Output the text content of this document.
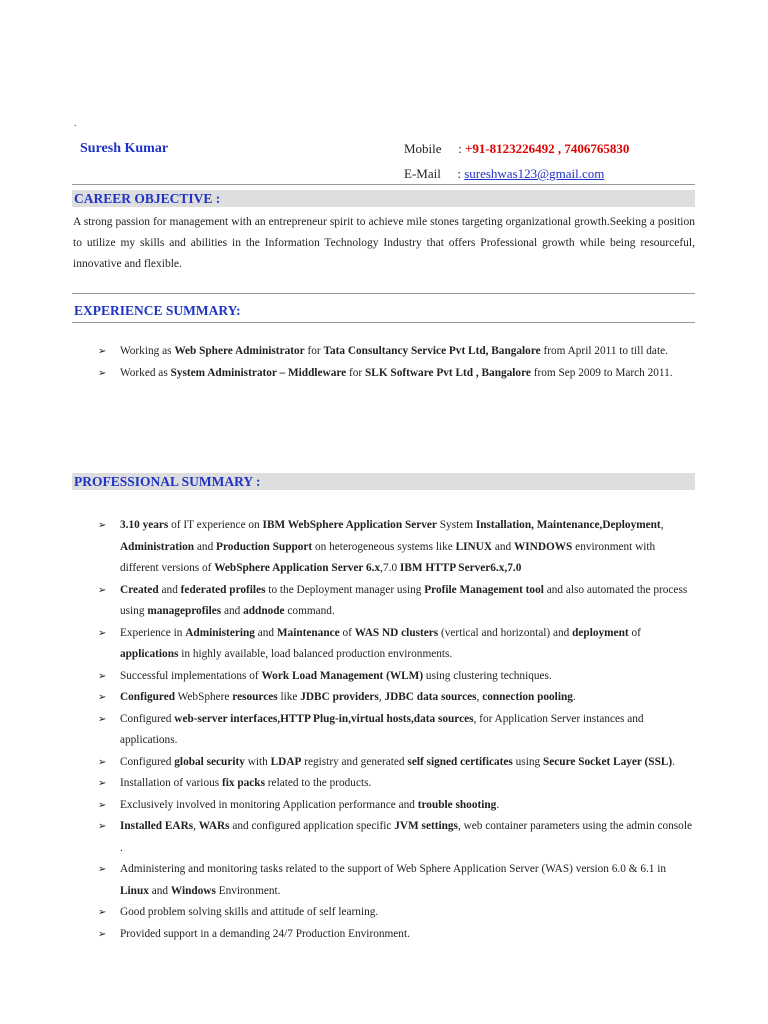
.
Suresh Kumar	Mobile : +91-8123226492 , 7406765830
E-Mail : sureshwas123@gmail.com
CAREER OBJECTIVE :
A strong passion for management with an entrepreneur spirit to achieve mile stones targeting organizational growth.Seeking a position to utilize my skills and abilities in the Information Technology Industry that offers Professional growth while being resourceful, innovative and flexible.
EXPERIENCE SUMMARY:
➢ Working as Web Sphere Administrator for Tata Consultancy Service Pvt Ltd, Bangalore from April 2011 to till date.
➢ Worked as System Administrator – Middleware for SLK Software Pvt Ltd , Bangalore from Sep 2009 to March 2011.
PROFESSIONAL SUMMARY :
➢ 3.10 years of IT experience on IBM WebSphere Application Server System Installation, Maintenance,Deployment, Administration and Production Support on heterogeneous systems like LINUX and WINDOWS environment with different versions of WebSphere Application Server 6.x,7.0 IBM HTTP Server6.x,7.0
➢ Created and federated profiles to the Deployment manager using Profile Management tool and also automated the process using manageprofiles and addnode command.
➢ Experience in Administering and Maintenance of WAS ND clusters (vertical and horizontal) and deployment of applications in highly available, load balanced production environments.
➢ Successful implementations of Work Load Management (WLM) using clustering techniques.
➢ Configured WebSphere resources like JDBC providers, JDBC data sources, connection pooling.
➢ Configured web-server interfaces,HTTP Plug-in,virtual hosts,data sources, for Application Server instances and applications.
➢ Configured global security with LDAP registry and generated self signed certificates using Secure Socket Layer (SSL).
➢ Installation of various fix packs related to the products.
➢ Exclusively involved in monitoring Application performance and trouble shooting.
➢ Installed EARs, WARs and configured application specific JVM settings, web container parameters using the admin console .
➢ Administering and monitoring tasks related to the support of Web Sphere Application Server (WAS) version 6.0 & 6.1 in Linux and Windows Environment.
➢ Good problem solving skills and attitude of self learning.
➢ Provided support in a demanding 24/7 Production Environment.
